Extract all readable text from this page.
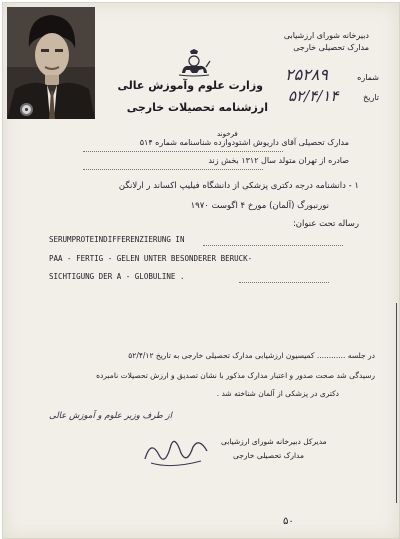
دبیرخانه شورای ارزشیابی
مدارک تحصیلی خارجی
شماره
۲۵۲۸۹
تاریخ
۵۲/۴/۱۴
وزارت علوم وآموزش عالی
ارزشنامه تحصیلات خارجی
فرخوند
مدارک تحصیلی آقای داریوش اشتودوازده شناسنامه شماره ۵۱۴
صادره از تهران متولد سال ۱۳۱۲ بخش زند
۱ - دانشنامه درجه دکتری پزشکی از دانشگاه فیلیپ اکساند ر ارلانگن
نورنبورگ (آلمان) مورخ ۴ اگوست ۱۹۷۰
رساله تحت عنوان:
SERUMPROTEINDIFFERENZIERUNG IN
PAA - FERTIG - GELEN UNTER BESONDERER BERUCK-
SICHTIGUNG DER A - GLOBULINE .
در جلسه ............ کمیسیون ارزشیابی مدارک تحصیلی خارجی به تاریخ ۵۲/۴/۱۲
رسیدگی شد صحت صدور و اعتبار مدارک مذکور با نشان تصدیق و ارزش تحصیلات نامبرده
دکتری در پزشکی از آلمان شناخته شد .
مدیرکل دبیرخانه شورای ارزشیابی
مدارک تحصیلی خارجی
از طرف وزیر علوم و آموزش عالی
۵۰
